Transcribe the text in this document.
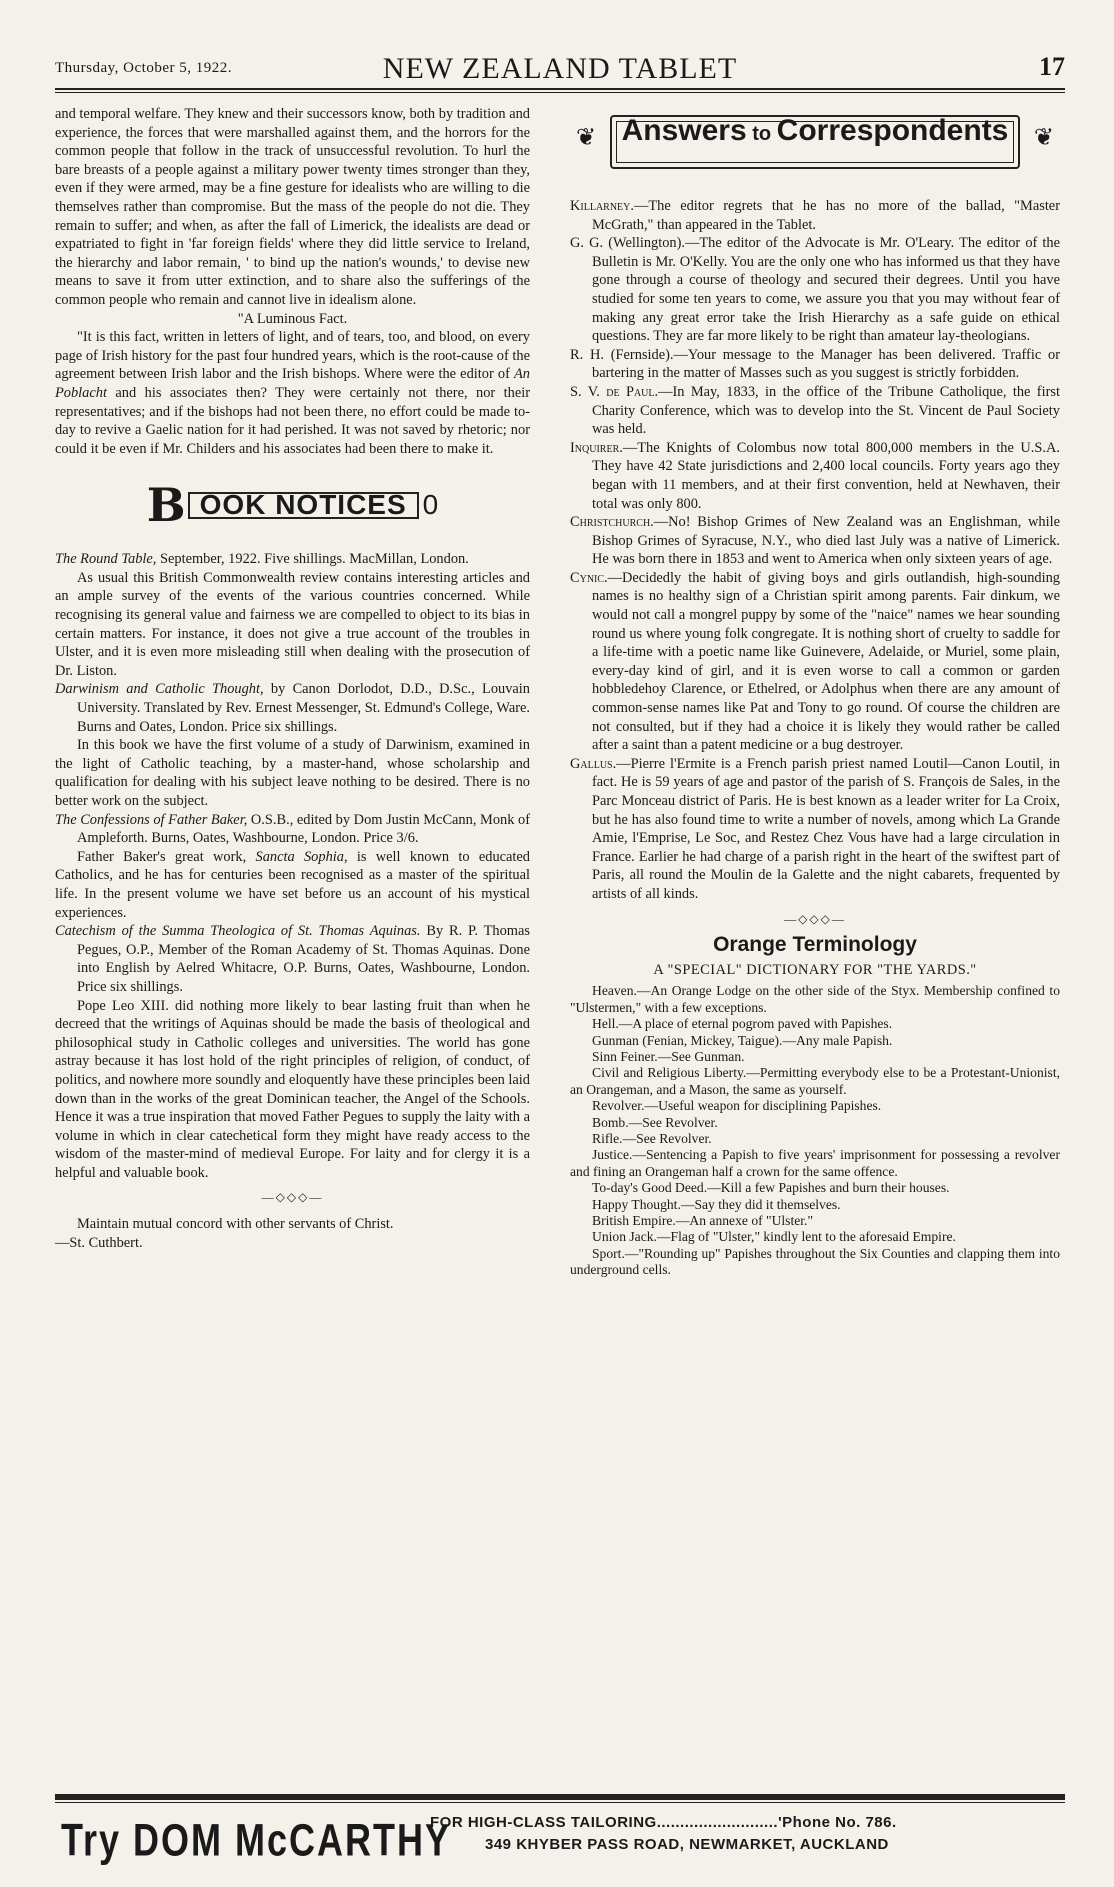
Thursday, October 5, 1922.	NEW ZEALAND TABLET	17

and temporal welfare. They knew and their successors know, both by tradition and experience, the forces that were marshalled against them, and the horrors for the common people that follow in the track of unsuccessful revolution. To hurl the bare breasts of a people against a military power twenty times stronger than they, even if they were armed, may be a fine gesture for idealists who are willing to die themselves rather than compromise. But the mass of the people do not die. They remain to suffer; and when, as after the fall of Limerick, the idealists are dead or expatriated to fight in 'far foreign fields' where they did little service to Ireland, the hierarchy and labor remain, ' to bind up the nation's wounds,' to devise new means to save it from utter extinction, and to share also the sufferings of the common people who remain and cannot live in idealism alone.

"A Luminous Fact.

"It is this fact, written in letters of light, and of tears, too, and blood, on every page of Irish history for the past four hundred years, which is the root-cause of the agreement between Irish labor and the Irish bishops. Where were the editor of An Poblacht and his associates then? They were certainly not there, nor their representatives; and if the bishops had not been there, no effort could be made to-day to revive a Gaelic nation for it had perished. It was not saved by rhetoric; nor could it be even if Mr. Childers and his associates had been there to make it.

B OOK NOTICES 0

The Round Table, September, 1922. Five shillings. MacMillan, London.

As usual this British Commonwealth review contains interesting articles and an ample survey of the events of the various countries concerned. While recognising its general value and fairness we are compelled to object to its bias in certain matters. For instance, it does not give a true account of the troubles in Ulster, and it is even more misleading still when dealing with the prosecution of Dr. Liston.

Darwinism and Catholic Thought, by Canon Dorlodot, D.D., D.Sc., Louvain University. Translated by Rev. Ernest Messenger, St. Edmund's College, Ware. Burns and Oates, London. Price six shillings.

In this book we have the first volume of a study of Darwinism, examined in the light of Catholic teaching, by a master-hand, whose scholarship and qualification for dealing with his subject leave nothing to be desired. There is no better work on the subject.

The Confessions of Father Baker, O.S.B., edited by Dom Justin McCann, Monk of Ampleforth. Burns, Oates, Washbourne, London. Price 3/6.

Father Baker's great work, Sancta Sophia, is well known to educated Catholics, and he has for centuries been recognised as a master of the spiritual life. In the present volume we have set before us an account of his mystical experiences.

Catechism of the Summa Theologica of St. Thomas Aquinas. By R. P. Thomas Pegues, O.P., Member of the Roman Academy of St. Thomas Aquinas. Done into English by Aelred Whitacre, O.P. Burns, Oates, Washbourne, London. Price six shillings.

Pope Leo XIII. did nothing more likely to bear lasting fruit than when he decreed that the writings of Aquinas should be made the basis of theological and philosophical study in Catholic colleges and universities. The world has gone astray because it has lost hold of the right principles of religion, of conduct, of politics, and nowhere more soundly and eloquently have these principles been laid down than in the works of the great Dominican teacher, the Angel of the Schools. Hence it was a true inspiration that moved Father Pegues to supply the laity with a volume in which in clear catechetical form they might have ready access to the wisdom of the master-mind of medieval Europe. For laity and for clergy it is a helpful and valuable book.

—◇◇◇—

Maintain mutual concord with other servants of Christ.

—St. Cuthbert.

❦ Answers to Correspondents	❦

Killarney.—The editor regrets that he has no more of the ballad, "Master McGrath," than appeared in the Tablet.

G. G. (Wellington).—The editor of the Advocate is Mr. O'Leary. The editor of the Bulletin is Mr. O'Kelly. You are the only one who has informed us that they have gone through a course of theology and secured their degrees. Until you have studied for some ten years to come, we assure you that you may without fear of making any great error take the Irish Hierarchy as a safe guide on ethical questions. They are far more likely to be right than amateur lay-theologians.

R. H. (Fernside).—Your message to the Manager has been delivered. Traffic or bartering in the matter of Masses such as you suggest is strictly forbidden.

S. V. de Paul.—In May, 1833, in the office of the Tribune Catholique, the first Charity Conference, which was to develop into the St. Vincent de Paul Society was held.

Inquirer.—The Knights of Colombus now total 800,000 members in the U.S.A. They have 42 State jurisdictions and 2,400 local councils. Forty years ago they began with 11 members, and at their first convention, held at Newhaven, their total was only 800.

Christchurch.—No! Bishop Grimes of New Zealand was an Englishman, while Bishop Grimes of Syracuse, N.Y., who died last July was a native of Limerick. He was born there in 1853 and went to America when only sixteen years of age.

Cynic.—Decidedly the habit of giving boys and girls outlandish, high-sounding names is no healthy sign of a Christian spirit among parents. Fair dinkum, we would not call a mongrel puppy by some of the "naice" names we hear sounding round us where young folk congregate. It is nothing short of cruelty to saddle for a life-time with a poetic name like Guinevere, Adelaide, or Muriel, some plain, every-day kind of girl, and it is even worse to call a common or garden hobbledehoy Clarence, or Ethelred, or Adolphus when there are any amount of common-sense names like Pat and Tony to go round. Of course the children are not consulted, but if they had a choice it is likely they would rather be called after a saint than a patent medicine or a bug destroyer.

Gallus.—Pierre l'Ermite is a French parish priest named Loutil—Canon Loutil, in fact. He is 59 years of age and pastor of the parish of S. François de Sales, in the Parc Monceau district of Paris. He is best known as a leader writer for La Croix, but he has also found time to write a number of novels, among which La Grande Amie, l'Emprise, Le Soc, and Restez Chez Vous have had a large circulation in France. Earlier he had charge of a parish right in the heart of the swiftest part of Paris, all round the Moulin de la Galette and the night cabarets, frequented by artists of all kinds.

—◇◇◇—
Orange Terminology
A "SPECIAL" DICTIONARY FOR "THE YARDS."

Heaven.—An Orange Lodge on the other side of the Styx. Membership confined to "Ulstermen," with a few exceptions.

Hell.—A place of eternal pogrom paved with Papishes.

Gunman (Fenian, Mickey, Taigue).—Any male Papish.

Sinn Feiner.—See Gunman.

Civil and Religious Liberty.—Permitting everybody else to be a Protestant-Unionist, an Orangeman, and a Mason, the same as yourself.

Revolver.—Useful weapon for disciplining Papishes.

Bomb.—See Revolver.

Rifle.—See Revolver.

Justice.—Sentencing a Papish to five years' imprisonment for possessing a revolver and fining an Orangeman half a crown for the same offence.

To-day's Good Deed.—Kill a few Papishes and burn their houses.

Happy Thought.—Say they did it themselves.

British Empire.—An annexe of "Ulster."

Union Jack.—Flag of "Ulster," kindly lent to the aforesaid Empire.

Sport.—"Rounding up" Papishes throughout the Six Counties and clapping them into underground cells.

Try DOM McCARTHY
FOR HIGH-CLASS TAILORING..........................'Phone No. 786.
349 KHYBER PASS ROAD, NEWMARKET, AUCKLAND
